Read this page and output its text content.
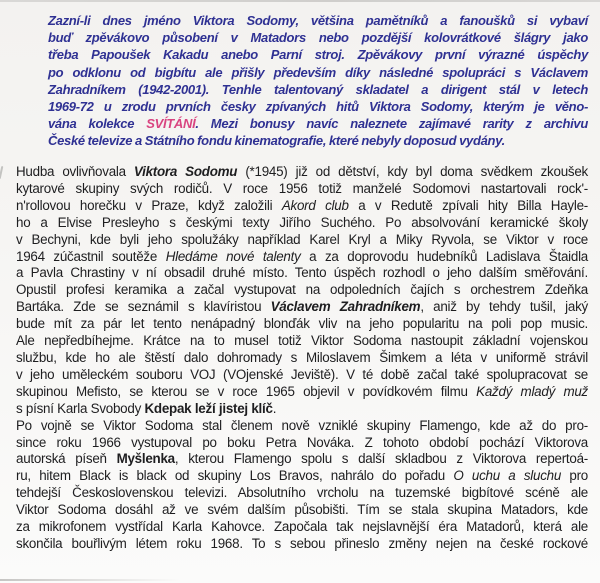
Zazní-li dnes jméno Viktora Sodomy, většina pamětníků a fanoušků si vybaví
buď zpěvákovo působení v Matadors nebo pozdější kolovrátkové šlágry jako
třeba Papoušek Kakadu anebo Parní stroj. Zpěvákovy první výrazné úspěchy
po odklonu od bigbítu ale přišly především díky následné spolupráci s Václavem
Zahradníkem (1942-2001). Tenhle talentovaný skladatel a dirigent stál v letech
1969-72 u zrodu prvních česky zpívaných hitů Viktora Sodomy, kterým je věno-
vána kolekce SVÍTÁNÍ. Mezi bonusy navíc naleznete zajímavé rarity z archivu
České televize a Státního fondu kinematografie, které nebyly doposud vydány.
Hudba ovlivňovala Viktora Sodomu (*1945) již od dětství, kdy byl doma svědkem zkoušek
kytarové skupiny svých rodičů. V roce 1956 totiž manželé Sodomovi nastartovali rock'-
n'rollovou horečku v Praze, když založili Akord club a v Redutě zpívali hity Billa Hayle-
ho a Elvise Presleyho s českými texty Jiřího Suchého. Po absolvování keramické školy
v Bechyni, kde byli jeho spolužáky například Karel Kryl a Miky Ryvola, se Viktor v roce
1964 zúčastnil soutěže Hledáme nové talenty a za doprovodu hudebníků Ladislava Štaidla
a Pavla Chrastiny v ní obsadil druhé místo. Tento úspěch rozhodl o jeho dalším směřování.
Opustil profesi keramika a začal vystupovat na odpoledních čajích s orchestrem Zdeňka
Bartáka. Zde se seznámil s klavíristou Václavem Zahradníkem, aniž by tehdy tušil, jaký
bude mít za pár let tento nenápadný blonďák vliv na jeho popularitu na poli pop music.
Ale nepředbíhejme. Krátce na to musel totiž Viktor Sodoma nastoupit základní vojenskou
službu, kde ho ale štěstí dalo dohromady s Miloslavem Šimkem a léta v uniformě strávil
v jeho uměleckém souboru VOJ (VOjenské Jeviště). V té době začal také spolupracovat se
skupinou Mefisto, se kterou se v roce 1965 objevil v povídkovém filmu Každý mladý muž
s písní Karla Svobody Kdepak leží jistej klíč.
Po vojně se Viktor Sodoma stal členem nově vzniklé skupiny Flamengo, kde až do pro-
since roku 1966 vystupoval po boku Petra Nováka. Z tohoto období pochází Viktorova
autorská píseň Myšlenka, kterou Flamengo spolu s další skladbou z Viktorova repertoá-
ru, hitem Black is black od skupiny Los Bravos, nahrálo do pořadu O uchu a sluchu pro
tehdejší Československou televizi. Absolutního vrcholu na tuzemské bigbítové scéně ale
Viktor Sodoma dosáhl až ve svém dalším působišti. Tím se stala skupina Matadors, kde
za mikrofonem vystřídal Karla Kahovce. Započala tak nejslavnější éra Matadorů, která ale
skončila bouřlivým létem roku 1968. To s sebou přineslo změny nejen na české rockové
